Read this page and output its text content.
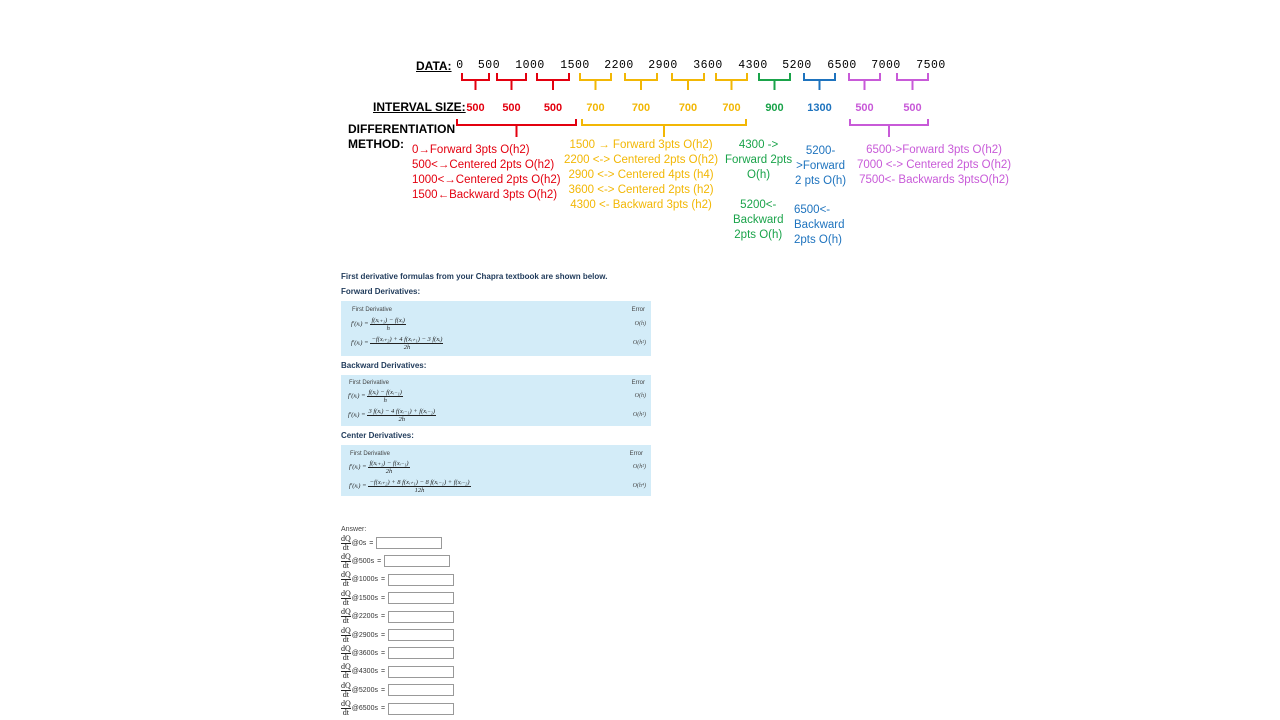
DATA: 0	500	1000	1500	2200	2900	3600	4300	5200	6500	7000	7500
INTERVAL SIZE: 500	500	500	700	700	700	700	900	1300	500	500
DIFFERENTIATION
METHOD: 0→Forward 3pts O(h2)
500<→Centered 2pts O(h2)
1000<→Centered 2pts O(h2)
1500←Backward 3pts O(h2)
1500 → Forward 3pts O(h2)
2200 <-> Centered 2pts O(h2)
2900 <-> Centered 4pts (h4)
3600 <-> Centered 2pts (h2)
4300 <- Backward 3pts (h2)
4300 ->
Forward 2pts
O(h)
5200<-
Backward
2pts O(h)
5200-
>Forward
2 pts O(h)
6500<-
Backward
2pts O(h)
6500->Forward 3pts O(h2)
7000 <-> Centered 2pts O(h2)
7500<- Backwards 3ptsO(h2)
First derivative formulas from your Chapra textbook are shown below.
Forward Derivatives:
First Derivative	Error
f′(xᵢ) = $\frac{\text{f(xᵢ₊₁) − f(xᵢ)}}{h}$	O(h)
f′(xᵢ) = $\frac{\text{−f(xᵢ₊₂) + 4 f(xᵢ₊₁) − 3 f(xᵢ)}}{2h}$	O(h²)
Backward Derivatives:
First Derivative	Error
f′(xᵢ) = $\frac{\text{f(xᵢ) − f(xᵢ₋₁)}}{h}$	O(h)
f′(xᵢ) = $\frac{\text{3 f(xᵢ) − 4 f(xᵢ₋₁) + f(xᵢ₋₂)}}{2h}$	O(h²)
Center Derivatives:
First Derivative	Error
f′(xᵢ) = $\frac{\text{f(xᵢ₊₁) − f(xᵢ₋₁)}}{2h}$	O(h²)
f′(xᵢ) = $\frac{\text{−f(xᵢ₊₂) + 8 f(xᵢ₊₁) − 8 f(xᵢ₋₁) + f(xᵢ₋₂)}}{12h}$	O(h⁴)
Answer:
$\frac{dQ}{dt}$ @0s =
$\frac{dQ}{dt}$ @500s =
$\frac{dQ}{dt}$ @1000s =
$\frac{dQ}{dt}$ @1500s =
$\frac{dQ}{dt}$ @2200s =
$\frac{dQ}{dt}$ @2900s =
$\frac{dQ}{dt}$ @3600s =
$\frac{dQ}{dt}$ @4300s =
$\frac{dQ}{dt}$ @5200s =
$\frac{dQ}{dt}$ @6500s =
